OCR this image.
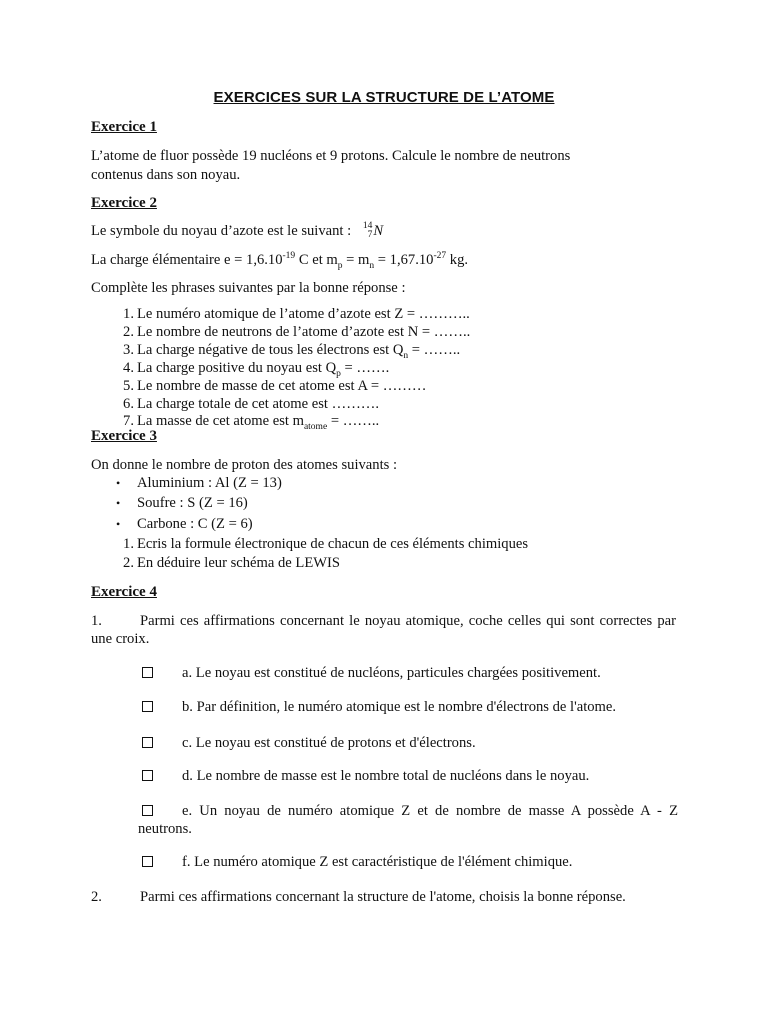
EXERCICES SUR LA STRUCTURE DE L’ATOME
Exercice 1
L’atome de fluor possède 19 nucléons et 9 protons. Calcule le nombre de neutrons
contenus dans son noyau.
Exercice 2
Le symbole du noyau d’azote est le suivant : 14
7N
La charge élémentaire $e = 1,6.10^{-19}$ C et $m_p = m_n = 1,67.10^{-27}$ kg.
Complète les phrases suivantes par la bonne réponse :
1. Le numéro atomique de l’atome d’azote est Z = ………..
2. Le nombre de neutrons de l’atome d’azote est N = ……..
3. La charge négative de tous les électrons est $Q_n$ = ……..
4. La charge positive du noyau est $Q_p$ = …….
5. Le nombre de masse de cet atome est A = ………
6. La charge totale de cet atome est ……….
7. La masse de cet atome est $m_{atome}$ = ……..
Exercice 3
On donne le nombre de proton des atomes suivants :
• Aluminium : Al (Z = 13)
• Soufre : S (Z = 16)
• Carbone : C (Z = 6)
1. Ecris la formule électronique de chacun de ces éléments chimiques
2. En déduire leur schéma de LEWIS
Exercice 4
1.	Parmi ces affirmations concernant le noyau atomique, coche celles qui sont correctes par une croix.
a. Le noyau est constitué de nucléons, particules chargées positivement.
b. Par définition, le numéro atomique est le nombre d'électrons de l'atome.
c. Le noyau est constitué de protons et d'électrons.
d. Le nombre de masse est le nombre total de nucléons dans le noyau.
e. Un noyau de numéro atomique Z et de nombre de masse A possède A - Z neutrons.
f. Le numéro atomique Z est caractéristique de l'élément chimique.
2.	Parmi ces affirmations concernant la structure de l'atome, choisis la bonne réponse.
